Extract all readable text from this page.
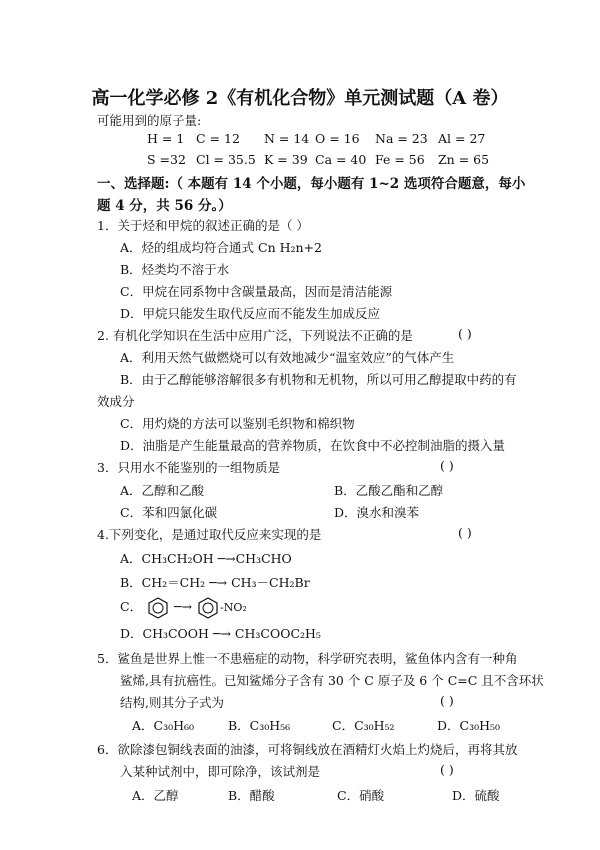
高一化学必修 2《有机化合物》单元测试题（A 卷）
可能用到的原子量:
H = 1 C = 12 N = 14 O = 16 Na = 23 Al = 27
S =32 Cl = 35.5 K = 39 Ca = 40 Fe = 56 Zn = 65
一、选择题:（ 本题有 14 个小题，每小题有 1~2 选项符合题意，每小
题 4 分，共 56 分。）
1．关于烃和甲烷的叙述正确的是（ ）
A．烃的组成均符合通式 Cn H₂n+2
B．烃类均不溶于水
C．甲烷在同系物中含碳量最高，因而是清洁能源
D．甲烷只能发生取代反应而不能发生加成反应
2. 有机化学知识在生活中应用广泛，下列说法不正确的是	( )
A．利用天然气做燃烧可以有效地减少“温室效应”的气体产生
B．由于乙醇能够溶解很多有机物和无机物，所以可用乙醇提取中药的有
效成分
C．用灼烧的方法可以鉴别毛织物和棉织物
D．油脂是产生能量最高的营养物质，在饮食中不必控制油脂的摄入量
3．只用水不能鉴别的一组物质是	( )
A．乙醇和乙酸	B．乙酸乙酯和乙醇
C．苯和四氯化碳	D．溴水和溴苯
4.下列变化，是通过取代反应来实现的是	( )
A．CH₃CH₂OH ─→CH₃CHO
B．CH₂＝CH₂ ─→ CH₃－CH₂Br
C．	─→	-NO₂
D．CH₃COOH ─→ CH₃COOC₂H₅
5．鲨鱼是世界上惟一不患癌症的动物，科学研究表明，鲨鱼体内含有一种角
鲨烯,具有抗癌性。已知鲨烯分子含有 30 个 C 原子及 6 个 C=C 且不含环状
结构,则其分子式为	( )
A．C₃₀H₆₀	B．C₃₀H₅₆	C．C₃₀H₅₂	D．C₃₀H₅₀
6．欲除漆包铜线表面的油漆，可将铜线放在酒精灯火焰上灼烧后，再将其放
入某种试剂中，即可除净，该试剂是	( )
A．乙醇	B．醋酸	C．硝酸	D．硫酸
